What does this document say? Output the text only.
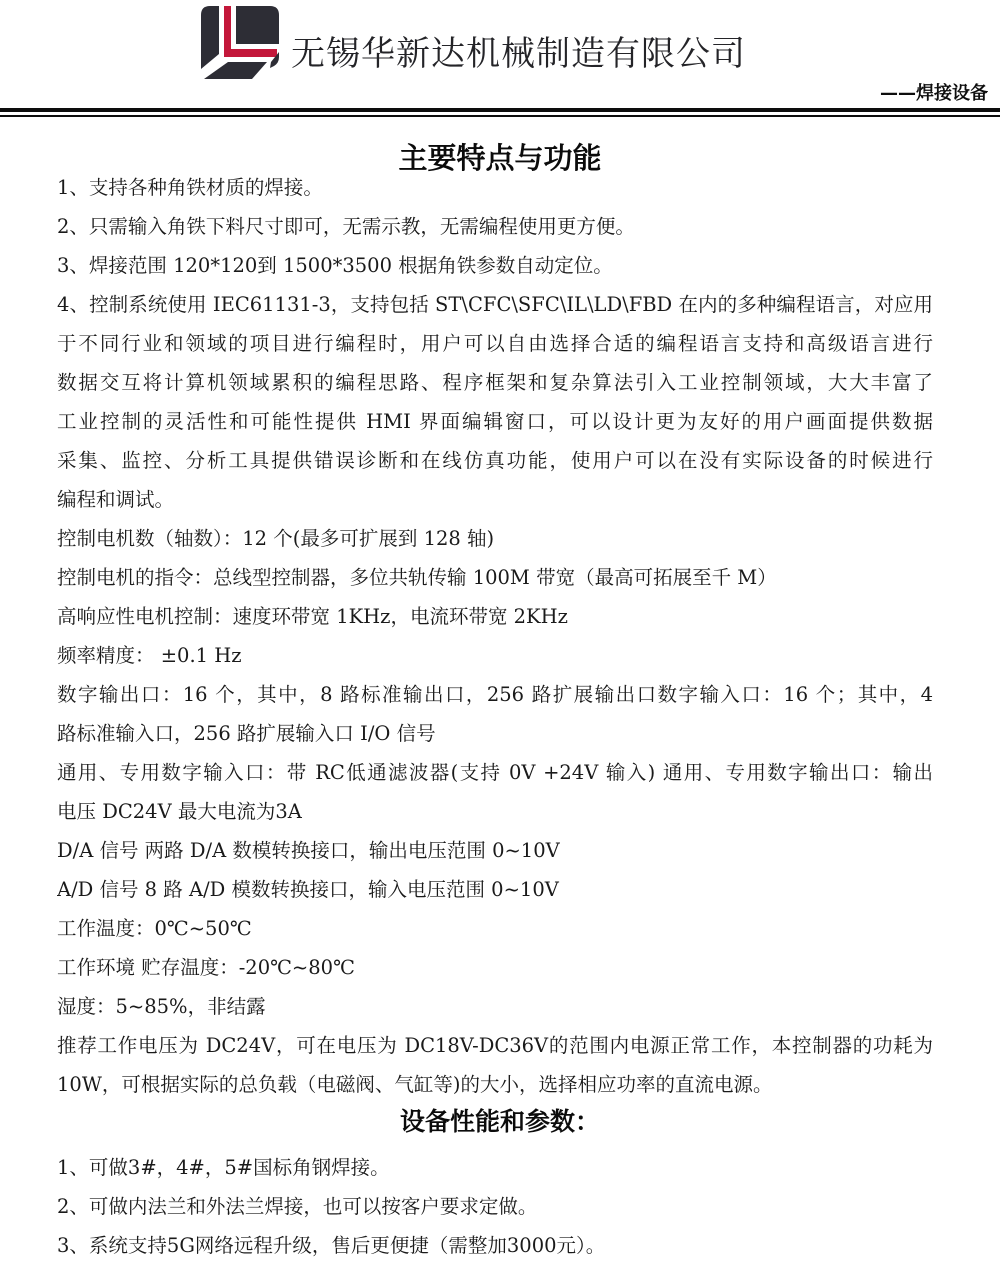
无锡华新达机械制造有限公司
——焊接设备
主要特点与功能
1、支持各种角铁材质的焊接。
2、只需输入角铁下料尺寸即可，无需示教，无需编程使用更方便。
3、焊接范围 120*120到 1500*3500 根据角铁参数自动定位。
4、控制系统使用 IEC61131-3，支持包括 ST\CFC\SFC\IL\LD\FBD 在内的多种编程语言，对应用
于不同行业和领域的项目进行编程时，用户可以自由选择合适的编程语言支持和高级语言进行
数据交互将计算机领域累积的编程思路、程序框架和复杂算法引入工业控制领域，大大丰富了
工业控制的灵活性和可能性提供 HMI 界面编辑窗口，可以设计更为友好的用户画面提供数据
采集、监控、分析工具提供错误诊断和在线仿真功能，使用户可以在没有实际设备的时候进行
编程和调试。
控制电机数（轴数）：12 个(最多可扩展到 128 轴)
控制电机的指令：总线型控制器，多位共轨传输 100M 带宽（最高可拓展至千 M）
高响应性电机控制：速度环带宽 1KHz，电流环带宽 2KHz
频率精度： ±0.1 Hz
数字输出口：16 个，其中，8 路标准输出口，256 路扩展输出口数字输入口：16 个；其中，4
路标准输入口，256 路扩展输入口 I/O 信号
通用、专用数字输入口：带 RC低通滤波器(支持 0V +24V 输入) 通用、专用数字输出口：输出
电压 DC24V 最大电流为3A
D/A 信号 两路 D/A 数模转换接口，输出电压范围 0~10V
A/D 信号 8 路 A/D 模数转换接口，输入电压范围 0~10V
工作温度：0℃~50℃
工作环境 贮存温度：-20℃~80℃
湿度：5~85%，非结露
推荐工作电压为 DC24V，可在电压为 DC18V-DC36V的范围内电源正常工作，本控制器的功耗为
10W，可根据实际的总负载（电磁阀、气缸等)的大小，选择相应功率的直流电源。
设备性能和参数：
1、可做3#，4#，5#国标角钢焊接。
2、可做内法兰和外法兰焊接，也可以按客户要求定做。
3、系统支持5G网络远程升级，售后更便捷（需整加3000元）。
